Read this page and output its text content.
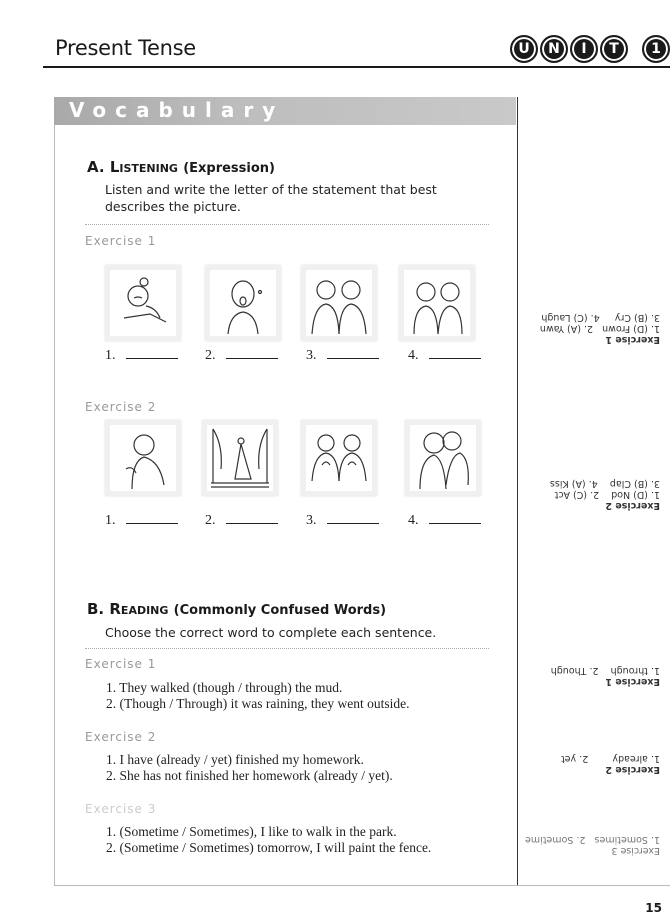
Present Tense	U	N	I	T	1
Vocabulary
A. Listening (Expression)
Listen and write the letter of the statement that best describes the picture.
Exercise 1
1.	2.	3.	4.
Exercise 2
1.	2.	3.	4.
B. Reading (Commonly Confused Words)
Choose the correct word to complete each sentence.
Exercise 1
1. They walked (though / through) the mud.
2. (Though / Through) it was raining, they went outside.
Exercise 2
1. I have (already / yet) finished my homework.
2. She has not finished her homework (already / yet).
Exercise 3
1. (Sometime / Sometimes), I like to walk in the park.
2. (Sometime / Sometimes) tomorrow, I will paint the fence.
Exercise 1
1. (D) Frown   2. (A) Yawn
3. (B) Cry     4. (C) Laugh
Exercise 2
1. (D) Nod    2. (C) Act
3. (B) Clap    4. (A) Kiss
Exercise 1
1. through    2. Though
Exercise 2
1. already        2. yet
Exercise 3
1. Sometimes   2. Sometime
15
